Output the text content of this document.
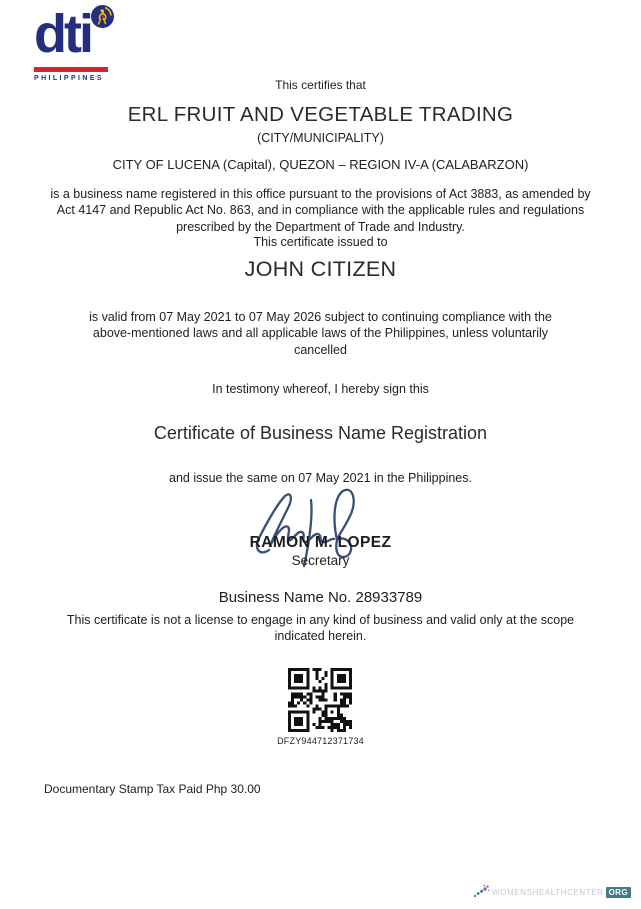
dti
PHILIPPINES	This certifies that
ERL FRUIT AND VEGETABLE TRADING
(CITY/MUNICIPALITY)
CITY OF LUCENA (Capital), QUEZON – REGION IV-A (CALABARZON)
is a business name registered in this office pursuant to the provisions of Act 3883, as amended by Act 4147 and Republic Act No. 863, and in compliance with the applicable rules and regulations prescribed by the Department of Trade and Industry.
This certificate issued to
JOHN CITIZEN
is valid from 07 May 2021 to 07 May 2026 subject to continuing compliance with the above-mentioned laws and all applicable laws of the Philippines, unless voluntarily cancelled
In testimony whereof, I hereby sign this
Certificate of Business Name Registration
and issue the same on 07 May 2021 in the Philippines.
RAMON M. LOPEZ
Secretary
Business Name No. 28933789
This certificate is not a license to engage in any kind of business and valid only at the scope indicated herein.
DFZY944712371734
Documentary Stamp Tax Paid Php 30.00
WOMENSHEALTHCENTER ORG
